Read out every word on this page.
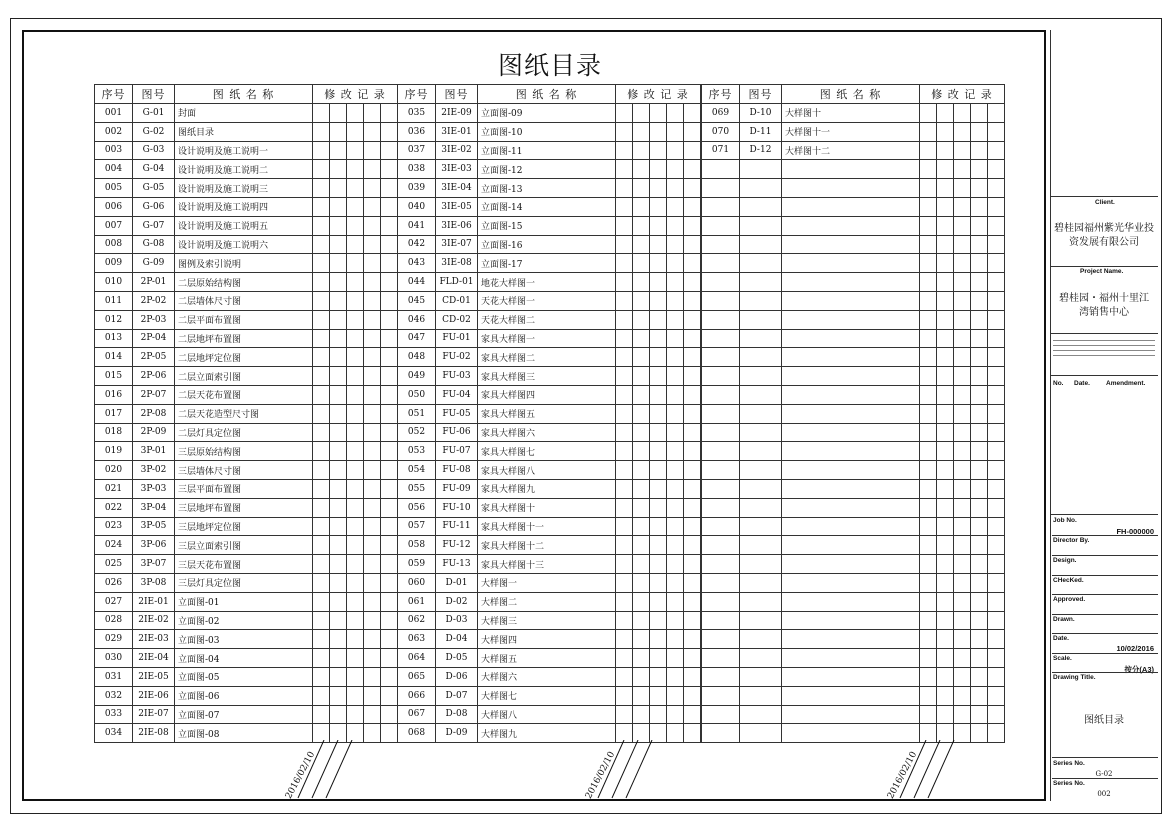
图纸目录
序号	图号	图 纸 名 称	修 改 记 录				
001	G-01	封面					
002	G-02	图纸目录					
003	G-03	设计说明及施工说明一					
004	G-04	设计说明及施工说明二					
005	G-05	设计说明及施工说明三					
006	G-06	设计说明及施工说明四					
007	G-07	设计说明及施工说明五					
008	G-08	设计说明及施工说明六					
009	G-09	图例及索引说明					
010	2P-01	二层原始结构图					
011	2P-02	二层墙体尺寸图					
012	2P-03	二层平面布置图					
013	2P-04	二层地坪布置图					
014	2P-05	二层地坪定位图					
015	2P-06	二层立面索引图					
016	2P-07	二层天花布置图					
017	2P-08	二层天花造型尺寸图					
018	2P-09	二层灯具定位图					
019	3P-01	三层原始结构图					
020	3P-02	三层墙体尺寸图					
021	3P-03	三层平面布置图					
022	3P-04	三层地坪布置图					
023	3P-05	三层地坪定位图					
024	3P-06	三层立面索引图					
025	3P-07	三层天花布置图					
026	3P-08	三层灯具定位图					
027	2IE-01	立面图-01					
028	2IE-02	立面图-02					
029	2IE-03	立面图-03					
030	2IE-04	立面图-04					
031	2IE-05	立面图-05					
032	2IE-06	立面图-06					
033	2IE-07	立面图-07					
034	2IE-08	立面图-08					
序号	图号	图 纸 名 称	修 改 记 录				
035	2IE-09	立面图-09					
036	3IE-01	立面图-10					
037	3IE-02	立面图-11					
038	3IE-03	立面图-12					
039	3IE-04	立面图-13					
040	3IE-05	立面图-14					
041	3IE-06	立面图-15					
042	3IE-07	立面图-16					
043	3IE-08	立面图-17					
044	FLD-01	地花大样图一					
045	CD-01	天花大样图一					
046	CD-02	天花大样图二					
047	FU-01	家具大样图一					
048	FU-02	家具大样图二					
049	FU-03	家具大样图三					
050	FU-04	家具大样图四					
051	FU-05	家具大样图五					
052	FU-06	家具大样图六					
053	FU-07	家具大样图七					
054	FU-08	家具大样图八					
055	FU-09	家具大样图九					
056	FU-10	家具大样图十					
057	FU-11	家具大样图十一					
058	FU-12	家具大样图十二					
059	FU-13	家具大样图十三					
060	D-01	大样图一					
061	D-02	大样图二					
062	D-03	大样图三					
063	D-04	大样图四					
064	D-05	大样图五					
065	D-06	大样图六					
066	D-07	大样图七					
067	D-08	大样图八					
068	D-09	大样图九					
序号	图号	图 纸 名 称	修 改 记 录				
069	D-10	大样图十					
070	D-11	大样图十一					
071	D-12	大样图十二					

2016/02/10	2016/02/10	2016/02/10
Client.
碧桂园福州紫光华业投资发展有限公司
Project Name.
碧桂园・福州十里江湾销售中心
No. Date. Amendment.
Job No.
FH-000000
Director By.
Design.
CHecKed.
Approved.
Drawn.
Date.
10/02/2016
Scale.
按分(A3)
Drawing Title.
图纸目录
Series No.
G-02
Series No.
002
